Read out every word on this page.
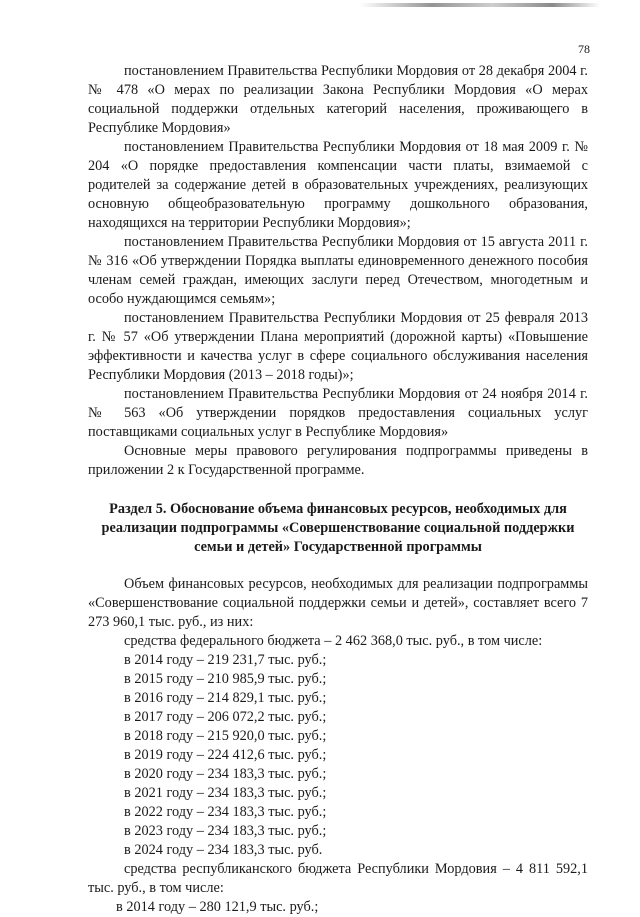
78

постановлением Правительства Республики Мордовия от 28 декабря 2004 г. № 478 «О мерах по реализации Закона Республики Мордовия «О мерах социальной поддержки отдельных категорий населения, проживающего в Республике Мордовия»

постановлением Правительства Республики Мордовия от 18 мая 2009 г. № 204 «О порядке предоставления компенсации части платы, взимаемой с родителей за содержание детей в образовательных учреждениях, реализующих основную общеобразовательную программу дошкольного образования, находящихся на территории Республики Мордовия»;

постановлением Правительства Республики Мордовия от 15 августа 2011 г. № 316 «Об утверждении Порядка выплаты единовременного денежного пособия членам семей граждан, имеющих заслуги перед Отечеством, многодетным и особо нуждающимся семьям»;

постановлением Правительства Республики Мордовия от 25 февраля 2013 г. № 57 «Об утверждении Плана мероприятий (дорожной карты) «Повышение эффективности и качества услуг в сфере социального обслуживания населения Республики Мордовия (2013 – 2018 годы)»;

постановлением Правительства Республики Мордовия от 24 ноября 2014 г. № 563 «Об утверждении порядков предоставления социальных услуг поставщиками социальных услуг в Республике Мордовия»

Основные меры правового регулирования подпрограммы приведены в приложении 2 к Государственной программе.

Раздел 5. Обоснование объема финансовых ресурсов, необходимых для реализации подпрограммы «Совершенствование социальной поддержки семьи и детей» Государственной программы

Объем финансовых ресурсов, необходимых для реализации подпрограммы «Совершенствование социальной поддержки семьи и детей», составляет всего 7 273 960,1 тыс. руб., из них:

средства федерального бюджета – 2 462 368,0 тыс. руб., в том числе:

в 2014 году – 219 231,7 тыс. руб.;
в 2015 году – 210 985,9 тыс. руб.;
в 2016 году – 214 829,1 тыс. руб.;
в 2017 году – 206 072,2 тыс. руб.;
в 2018 году – 215 920,0 тыс. руб.;
в 2019 году – 224 412,6 тыс. руб.;
в 2020 году – 234 183,3 тыс. руб.;
в 2021 году – 234 183,3 тыс. руб.;
в 2022 году – 234 183,3 тыс. руб.;
в 2023 году – 234 183,3 тыс. руб.;
в 2024 году – 234 183,3 тыс. руб.

средства республиканского бюджета Республики Мордовия – 4 811 592,1 тыс. руб., в том числе:

в 2014 году – 280 121,9 тыс. руб.;
